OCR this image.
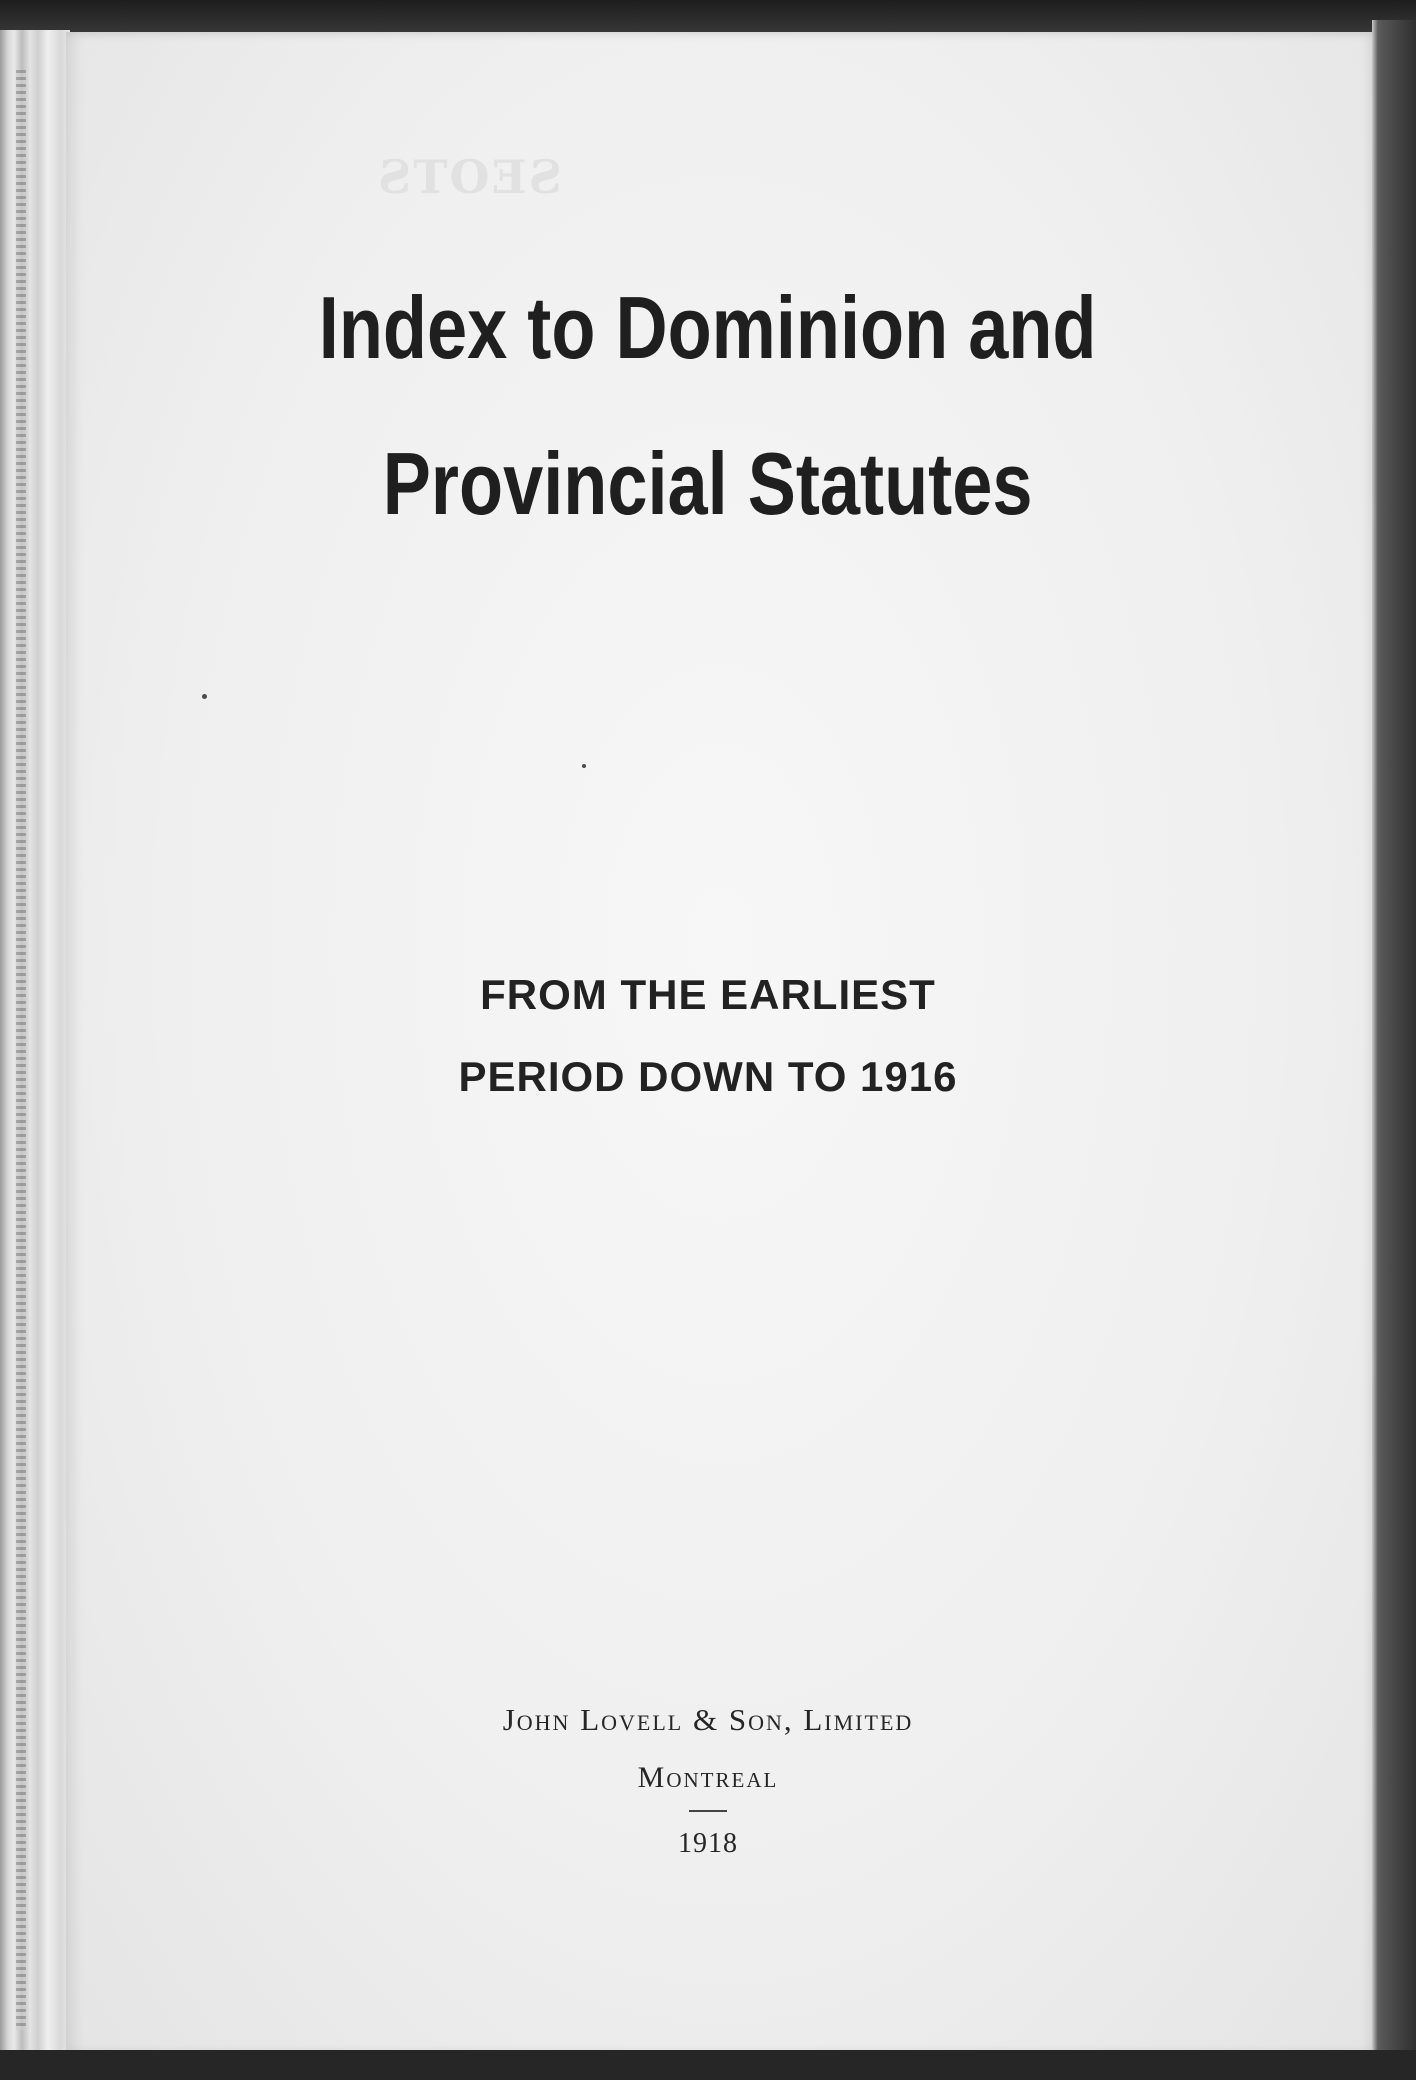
SEOTS
Index to Dominion and
Provincial Statutes
FROM THE EARLIEST
PERIOD DOWN TO 1916
John Lovell & Son, Limited
Montreal
1918
